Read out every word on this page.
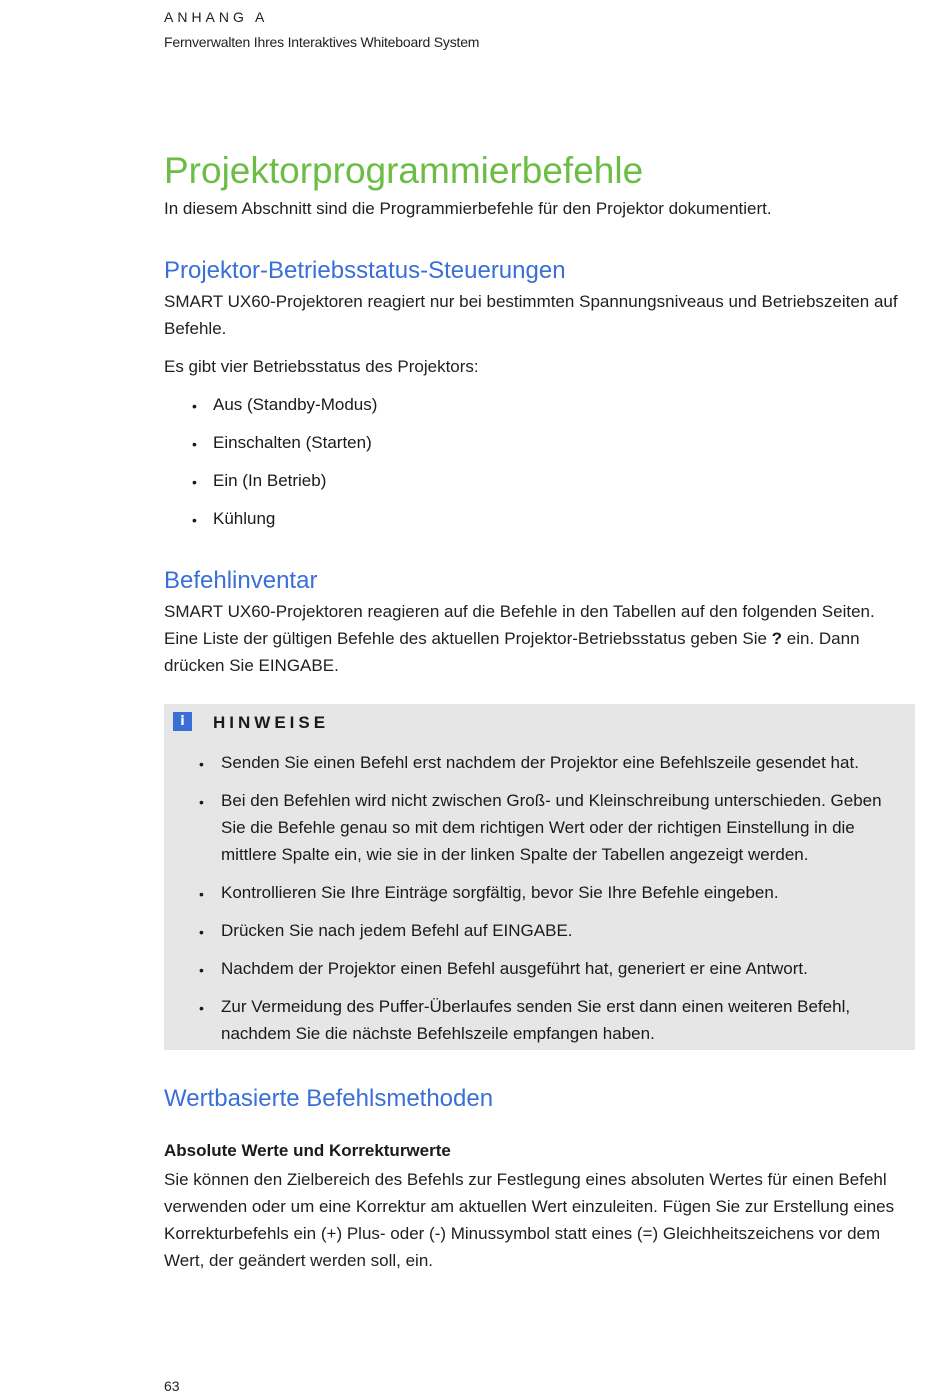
ANHANG A
Fernverwalten Ihres Interaktives Whiteboard System
Projektorprogrammierbefehle
In diesem Abschnitt sind die Programmierbefehle für den Projektor dokumentiert.
Projektor-Betriebsstatus-Steuerungen
SMART UX60-Projektoren reagiert nur bei bestimmten Spannungsniveaus und Betriebszeiten auf Befehle.
Es gibt vier Betriebsstatus des Projektors:
• Aus (Standby-Modus)
• Einschalten (Starten)
• Ein (In Betrieb)
• Kühlung
Befehlinventar
SMART UX60-Projektoren reagieren auf die Befehle in den Tabellen auf den folgenden Seiten. Eine Liste der gültigen Befehle des aktuellen Projektor-Betriebsstatus geben Sie ? ein. Dann drücken Sie EINGABE.
i	HINWEISE
• Senden Sie einen Befehl erst nachdem der Projektor eine Befehlszeile gesendet hat.
• Bei den Befehlen wird nicht zwischen Groß- und Kleinschreibung unterschieden. Geben Sie die Befehle genau so mit dem richtigen Wert oder der richtigen Einstellung in die mittlere Spalte ein, wie sie in der linken Spalte der Tabellen angezeigt werden.
• Kontrollieren Sie Ihre Einträge sorgfältig, bevor Sie Ihre Befehle eingeben.
• Drücken Sie nach jedem Befehl auf EINGABE.
• Nachdem der Projektor einen Befehl ausgeführt hat, generiert er eine Antwort.
• Zur Vermeidung des Puffer-Überlaufes senden Sie erst dann einen weiteren Befehl, nachdem Sie die nächste Befehlszeile empfangen haben.
Wertbasierte Befehlsmethoden
Absolute Werte und Korrekturwerte
Sie können den Zielbereich des Befehls zur Festlegung eines absoluten Wertes für einen Befehl verwenden oder um eine Korrektur am aktuellen Wert einzuleiten. Fügen Sie zur Erstellung eines Korrekturbefehls ein (+) Plus- oder (-) Minussymbol statt eines (=) Gleichheitszeichens vor dem Wert, der geändert werden soll, ein.
63
